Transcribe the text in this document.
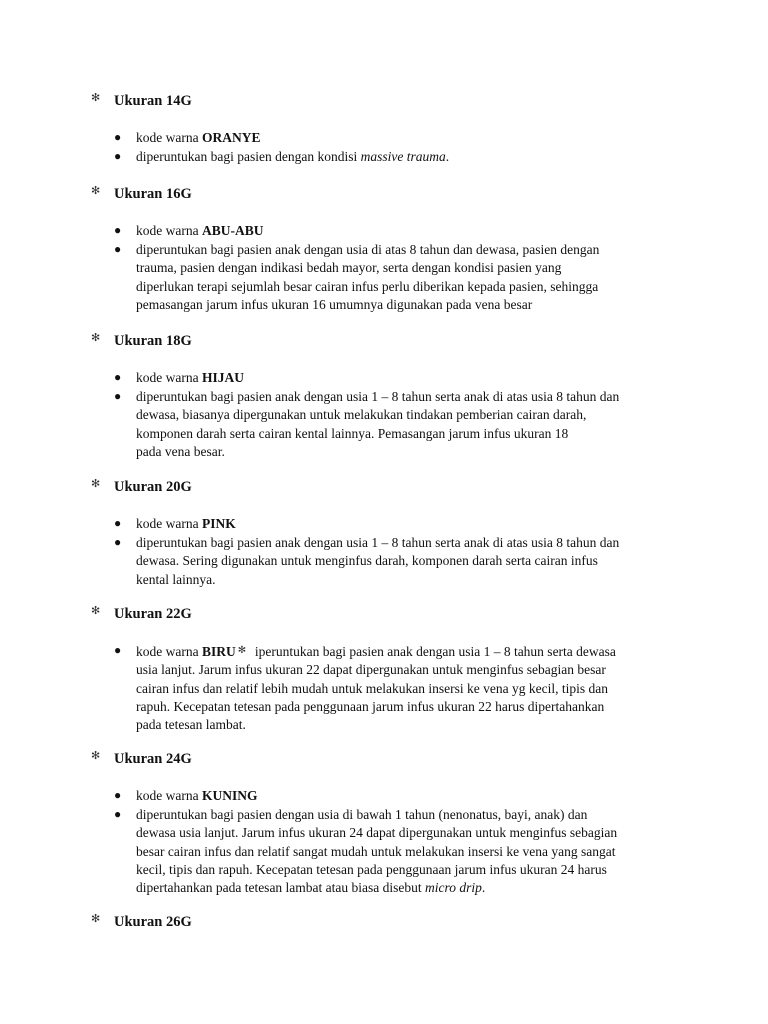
✻ Ukuran 14G
● kode warna ORANYE
● diperuntukan bagi pasien dengan kondisi massive trauma.
✻ Ukuran 16G
● kode warna ABU-ABU
● diperuntukan bagi pasien anak dengan usia di atas 8 tahun dan dewasa, pasien dengan
trauma, pasien dengan indikasi bedah mayor, serta dengan kondisi pasien yang
diperlukan terapi sejumlah besar cairan infus perlu diberikan kepada pasien, sehingga
pemasangan jarum infus ukuran 16 umumnya digunakan pada vena besar
✻ Ukuran 18G
● kode warna HIJAU
● diperuntukan bagi pasien anak dengan usia 1 – 8 tahun serta anak di atas usia 8 tahun dan
dewasa, biasanya dipergunakan untuk melakukan tindakan pemberian cairan darah,
komponen darah serta cairan kental lainnya. Pemasangan jarum infus ukuran 18
pada vena besar.
✻ Ukuran 20G
● kode warna PINK
● diperuntukan bagi pasien anak dengan usia 1 – 8 tahun serta anak di atas usia 8 tahun dan
dewasa. Sering digunakan untuk menginfus darah, komponen darah serta cairan infus
kental lainnya.
✻ Ukuran 22G
● kode warna BIRU ✻ iperuntukan bagi pasien anak dengan usia 1 – 8 tahun serta dewasa
usia lanjut. Jarum infus ukuran 22 dapat dipergunakan untuk menginfus sebagian besar
cairan infus dan relatif lebih mudah untuk melakukan insersi ke vena yg kecil, tipis dan
rapuh. Kecepatan tetesan pada penggunaan jarum infus ukuran 22 harus dipertahankan
pada tetesan lambat.
✻ Ukuran 24G
● kode warna KUNING
● diperuntukan bagi pasien dengan usia di bawah 1 tahun (nenonatus, bayi, anak) dan
dewasa usia lanjut. Jarum infus ukuran 24 dapat dipergunakan untuk menginfus sebagian
besar cairan infus dan relatif sangat mudah untuk melakukan insersi ke vena yang sangat
kecil, tipis dan rapuh. Kecepatan tetesan pada penggunaan jarum infus ukuran 24 harus
dipertahankan pada tetesan lambat atau biasa disebut micro drip.
✻ Ukuran 26G
